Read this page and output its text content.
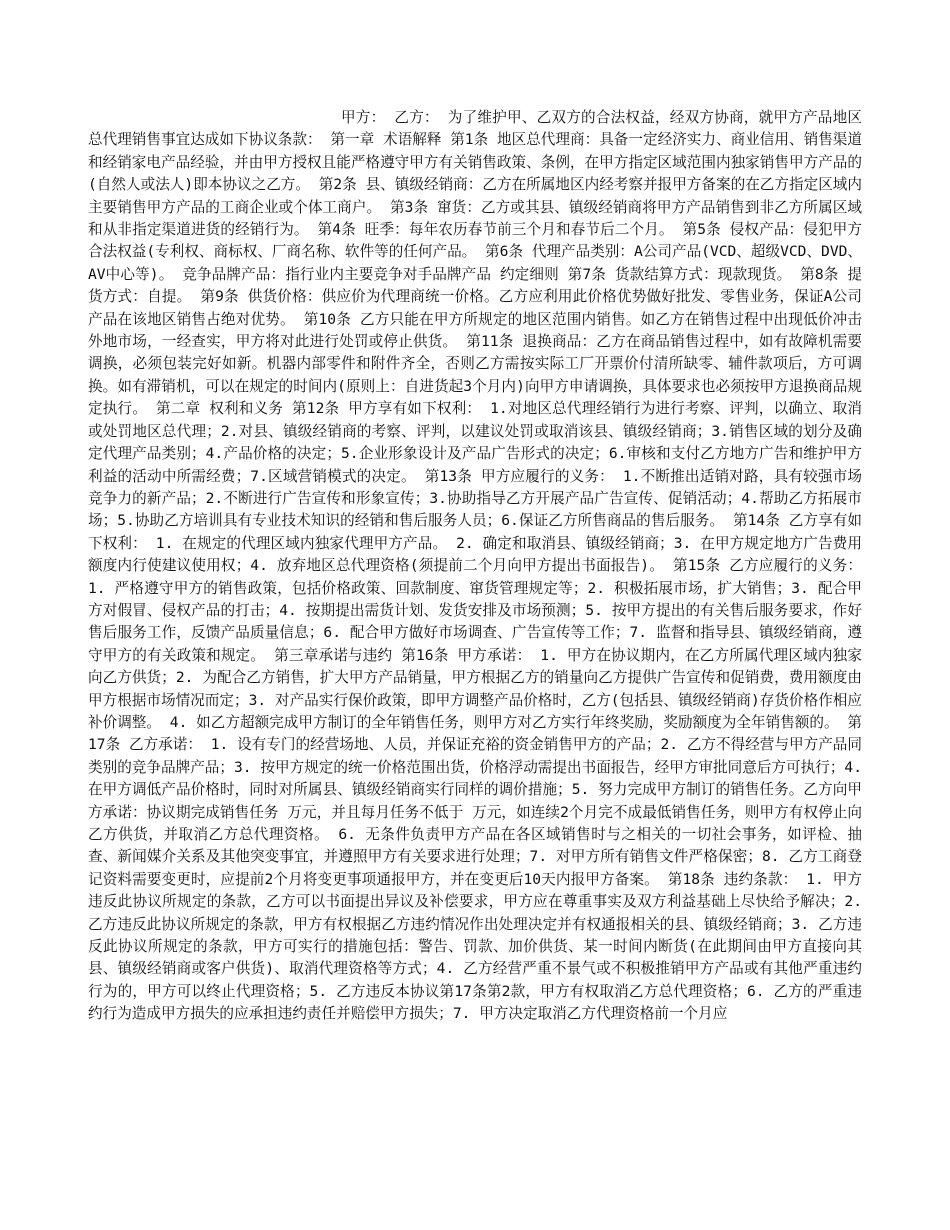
甲方： 乙方： 为了维护甲、乙双方的合法权益，经双方协商，就甲方产品地区总代理销售事宜达成如下协议条款： 第一章 术语解释 第1条 地区总代理商：具备一定经济实力、商业信用、销售渠道和经销家电产品经验，并由甲方授权且能严格遵守甲方有关销售政策、条例，在甲方指定区域范围内独家销售甲方产品的(自然人或法人)即本协议之乙方。 第2条 县、镇级经销商：乙方在所属地区内经考察并报甲方备案的在乙方指定区域内主要销售甲方产品的工商企业或个体工商户。 第3条 窜货：乙方或其县、镇级经销商将甲方产品销售到非乙方所属区域和从非指定渠道进货的经销行为。 第4条 旺季：每年农历春节前三个月和春节后二个月。 第5条 侵权产品：侵犯甲方合法权益(专利权、商标权、厂商名称、软件等的任何产品。 第6条 代理产品类别：A公司产品(VCD、超级VCD、DVD、AV中心等)。 竞争品牌产品：指行业内主要竞争对手品牌产品 约定细则 第7条 货款结算方式：现款现货。 第8条 提货方式：自提。 第9条 供货价格：供应价为代理商统一价格。乙方应利用此价格优势做好批发、零售业务，保证A公司产品在该地区销售占绝对优势。 第10条 乙方只能在甲方所规定的地区范围内销售。如乙方在销售过程中出现低价冲击外地市场，一经查实，甲方将对此进行处罚或停止供货。 第11条 退换商品：乙方在商品销售过程中，如有故障机需要调换，必须包装完好如新。机器内部零件和附件齐全，否则乙方需按实际工厂开票价付清所缺零、辅件款项后，方可调换。如有滞销机，可以在规定的时间内(原则上：自进货起3个月内)向甲方申请调换，具体要求也必须按甲方退换商品规定执行。 第二章 权利和义务 第12条 甲方享有如下权利： 1.对地区总代理经销行为进行考察、评判，以确立、取消或处罚地区总代理；2.对县、镇级经销商的考察、评判，以建议处罚或取消该县、镇级经销商；3.销售区域的划分及确定代理产品类别；4.产品价格的决定；5.企业形象设计及产品广告形式的决定；6.审核和支付乙方地方广告和维护甲方利益的活动中所需经费；7.区域营销模式的决定。 第13条 甲方应履行的义务： 1.不断推出适销对路，具有较强市场竞争力的新产品；2.不断进行广告宣传和形象宣传；3.协助指导乙方开展产品广告宣传、促销活动；4.帮助乙方拓展市场；5.协助乙方培训具有专业技术知识的经销和售后服务人员；6.保证乙方所售商品的售后服务。 第14条 乙方享有如下权利： 1. 在规定的代理区域内独家代理甲方产品。 2. 确定和取消县、镇级经销商；3. 在甲方规定地方广告费用额度内行使建议使用权；4. 放弃地区总代理资格(须提前二个月向甲方提出书面报告)。 第15条 乙方应履行的义务： 1. 严格遵守甲方的销售政策，包括价格政策、回款制度、窜货管理规定等；2. 积极拓展市场，扩大销售；3. 配合甲方对假冒、侵权产品的打击；4. 按期提出需货计划、发货安排及市场预测；5. 按甲方提出的有关售后服务要求，作好售后服务工作，反馈产品质量信息；6. 配合甲方做好市场调查、广告宣传等工作；7. 监督和指导县、镇级经销商，遵守甲方的有关政策和规定。 第三章承诺与违约 第16条 甲方承诺： 1. 甲方在协议期内，在乙方所属代理区域内独家向乙方供货；2. 为配合乙方销售，扩大甲方产品销量，甲方根据乙方的销量向乙方提供广告宣传和促销费，费用额度由甲方根据市场情况而定；3. 对产品实行保价政策，即甲方调整产品价格时，乙方(包括县、镇级经销商)存货价格作相应补价调整。 4. 如乙方超额完成甲方制订的全年销售任务，则甲方对乙方实行年终奖励，奖励额度为全年销售额的。 第17条 乙方承诺： 1. 设有专门的经营场地、人员，并保证充裕的资金销售甲方的产品；2. 乙方不得经营与甲方产品同类别的竞争品牌产品；3. 按甲方规定的统一价格范围出货，价格浮动需提出书面报告，经甲方审批同意后方可执行；4. 在甲方调低产品价格时，同时对所属县、镇级经销商实行同样的调价措施；5. 努力完成甲方制订的销售任务。乙方向甲方承诺：协议期完成销售任务 万元，并且每月任务不低于 万元，如连续2个月完不成最低销售任务，则甲方有权停止向乙方供货，并取消乙方总代理资格。 6. 无条件负责甲方产品在各区域销售时与之相关的一切社会事务，如评检、抽查、新闻媒介关系及其他突变事宜，并遵照甲方有关要求进行处理；7. 对甲方所有销售文件严格保密；8. 乙方工商登记资料需要变更时，应提前2个月将变更事项通报甲方，并在变更后10天内报甲方备案。 第18条 违约条款： 1. 甲方违反此协议所规定的条款，乙方可以书面提出异议及补偿要求，甲方应在尊重事实及双方利益基础上尽快给予解决；2. 乙方违反此协议所规定的条款，甲方有权根据乙方违约情况作出处理决定并有权通报相关的县、镇级经销商；3. 乙方违反此协议所规定的条款，甲方可实行的措施包括：警告、罚款、加价供货、某一时间内断货(在此期间由甲方直接向其县、镇级经销商或客户供货)、取消代理资格等方式；4. 乙方经营严重不景气或不积极推销甲方产品或有其他严重违约行为的，甲方可以终止代理资格；5. 乙方违反本协议第17条第2款，甲方有权取消乙方总代理资格；6. 乙方的严重违约行为造成甲方损失的应承担违约责任并赔偿甲方损失；7. 甲方决定取消乙方代理资格前一个月应
